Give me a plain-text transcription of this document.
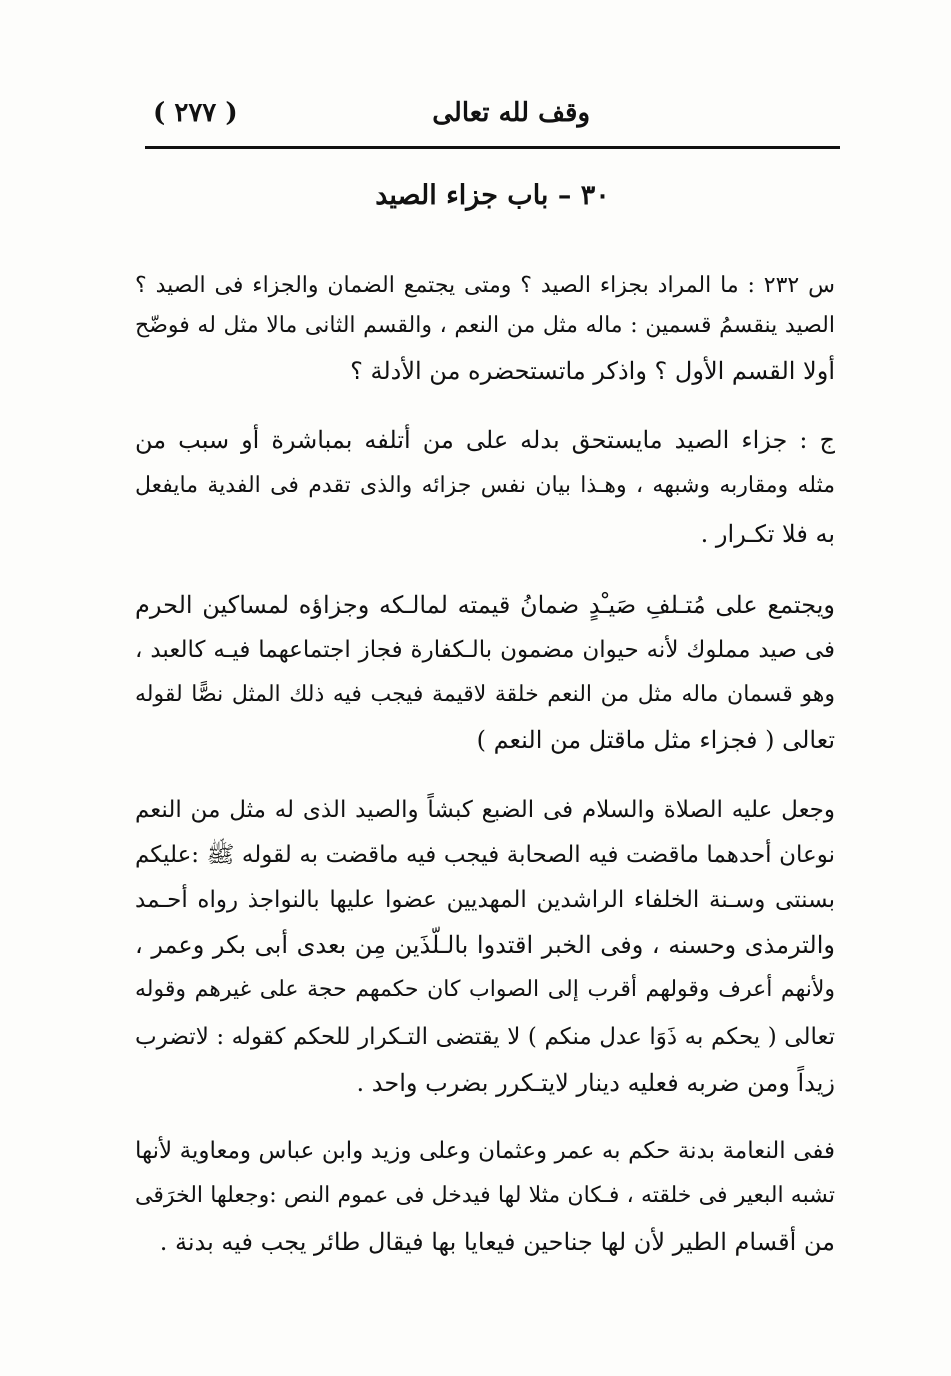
وقف لله تعالى
( ٢٧٧ )
٣٠ – باب جزاء الصيد
س ٢٣٢ : ما المراد بجزاء الصيد ؟ ومتى يجتمع الضمان والجزاء فى الصيد ؟
الصيد ينقسمُ قسمين : ماله مثل من النعم ، والقسم الثانى مالا مثل له فوضّح
أولا القسم الأول ؟ واذكر ماتستحضره من الأدلة ؟
ج : جزاء الصيد مايستحق بدله على من أتلفه بمباشرة أو سبب من
مثله ومقاربه وشبهه ، وهـذا بيان نفس جزائه والذى تقدم فى الفدية مايفعل
به فلا تكـرار .
ويجتمع على مُتـلفِ صَيـْدٍ ضمانُ قيمته لمالـكه وجزاؤه لمساكين الحرم
فى صيد مملوك لأنه حيوان مضمون بالـكفارة فجاز اجتماعهما فيـه كالعبد ،
وهو قسمان ماله مثل من النعم خلقة لاقيمة فيجب فيه ذلك المثل نصًّا لقوله
تعالى ( فجزاء مثل ماقتل من النعم )
وجعل عليه الصلاة والسلام فى الضبع كبشاً والصيد الذى له مثل من النعم
نوعان أحدهما ماقضت فيه الصحابة فيجب فيه ماقضت به لقوله ﷺ :عليكم
بسنتى وسـنة الخلفاء الراشدين المهديين عضوا عليها بالنواجذ رواه أحـمد
والترمذى وحسنه ، وفى الخبر اقتدوا بالـلّذَين مِن بعدى أبى بكر وعمر ،
ولأنهم أعرف وقولهم أقرب إلى الصواب كان حكمهم حجة على غيرهم وقوله
تعالى ( يحكم به ذَوَا عدل منكم ) لا يقتضى التـكرار للحكم كقوله : لاتضرب
زيداً ومن ضربه فعليه دينار لايتـكرر بضرب واحد .
ففى النعامة بدنة حكم به عمر وعثمان وعلى وزيد وابن عباس ومعاوية لأنها
تشبه البعير فى خلقته ، فـكان مثلا لها فيدخل فى عموم النص :وجعلها الخرَقى
من أقسام الطير لأن لها جناحين فيعايا بها فيقال طائر يجب فيه بدنة .
